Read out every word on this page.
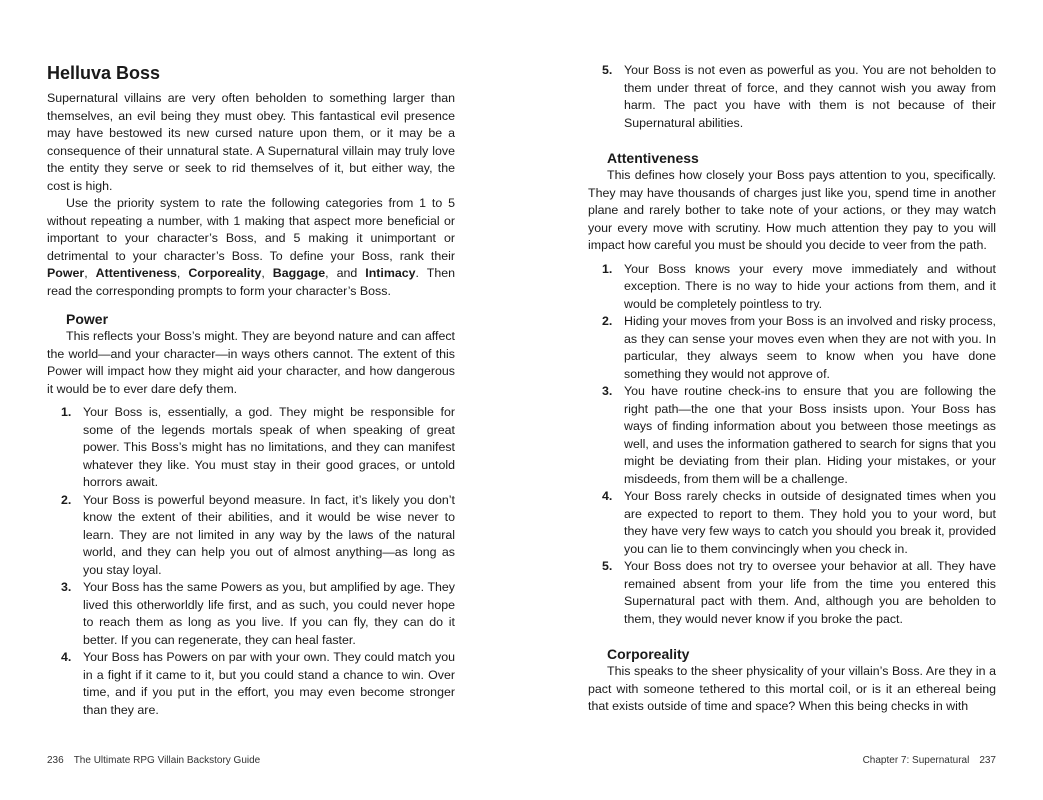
Helluva Boss

Supernatural villains are very often beholden to something larger than themselves, an evil being they must obey. This fantastical evil presence may have bestowed its new cursed nature upon them, or it may be a consequence of their unnatural state. A Supernatural villain may truly love the entity they serve or seek to rid themselves of it, but either way, the cost is high.

Use the priority system to rate the following categories from 1 to 5 without repeating a number, with 1 making that aspect more beneficial or important to your character’s Boss, and 5 making it unimportant or detrimental to your character’s Boss. To define your Boss, rank their Power, Attentiveness, Corporeality, Baggage, and Intimacy. Then read the corresponding prompts to form your character’s Boss.

Power

This reflects your Boss’s might. They are beyond nature and can affect the world—and your character—in ways others cannot. The extent of this Power will impact how they might aid your character, and how dangerous it would be to ever dare defy them.

1. Your Boss is, essentially, a god. They might be responsible for some of the legends mortals speak of when speaking of great power. This Boss’s might has no limitations, and they can manifest whatever they like. You must stay in their good graces, or untold horrors await.
2. Your Boss is powerful beyond measure. In fact, it’s likely you don’t know the extent of their abilities, and it would be wise never to learn. They are not limited in any way by the laws of the natural world, and they can help you out of almost anything—as long as you stay loyal.
3. Your Boss has the same Powers as you, but amplified by age. They lived this otherworldly life first, and as such, you could never hope to reach them as long as you live. If you can fly, they can do it better. If you can regenerate, they can heal faster.
4. Your Boss has Powers on par with your own. They could match you in a fight if it came to it, but you could stand a chance to win. Over time, and if you put in the effort, you may even become stronger than they are.
236 The Ultimate RPG Villain Backstory Guide
5. Your Boss is not even as powerful as you. You are not beholden to them under threat of force, and they cannot wish you away from harm. The pact you have with them is not because of their Supernatural abilities.
Attentiveness

This defines how closely your Boss pays attention to you, specifically. They may have thousands of charges just like you, spend time in another plane and rarely bother to take note of your actions, or they may watch your every move with scrutiny. How much attention they pay to you will impact how careful you must be should you decide to veer from the path.

1. Your Boss knows your every move immediately and without exception. There is no way to hide your actions from them, and it would be completely pointless to try.
2. Hiding your moves from your Boss is an involved and risky process, as they can sense your moves even when they are not with you. In particular, they always seem to know when you have done something they would not approve of.
3. You have routine check-ins to ensure that you are following the right path—the one that your Boss insists upon. Your Boss has ways of finding information about you between those meetings as well, and uses the information gathered to search for signs that you might be deviating from their plan. Hiding your mistakes, or your misdeeds, from them will be a challenge.
4. Your Boss rarely checks in outside of designated times when you are expected to report to them. They hold you to your word, but they have very few ways to catch you should you break it, provided you can lie to them convincingly when you check in.
5. Your Boss does not try to oversee your behavior at all. They have remained absent from your life from the time you entered this Supernatural pact with them. And, although you are beholden to them, they would never know if you broke the pact.
Corporeality

This speaks to the sheer physicality of your villain’s Boss. Are they in a pact with someone tethered to this mortal coil, or is it an ethereal being that exists outside of time and space? When this being checks in with

Chapter 7: Supernatural 237
